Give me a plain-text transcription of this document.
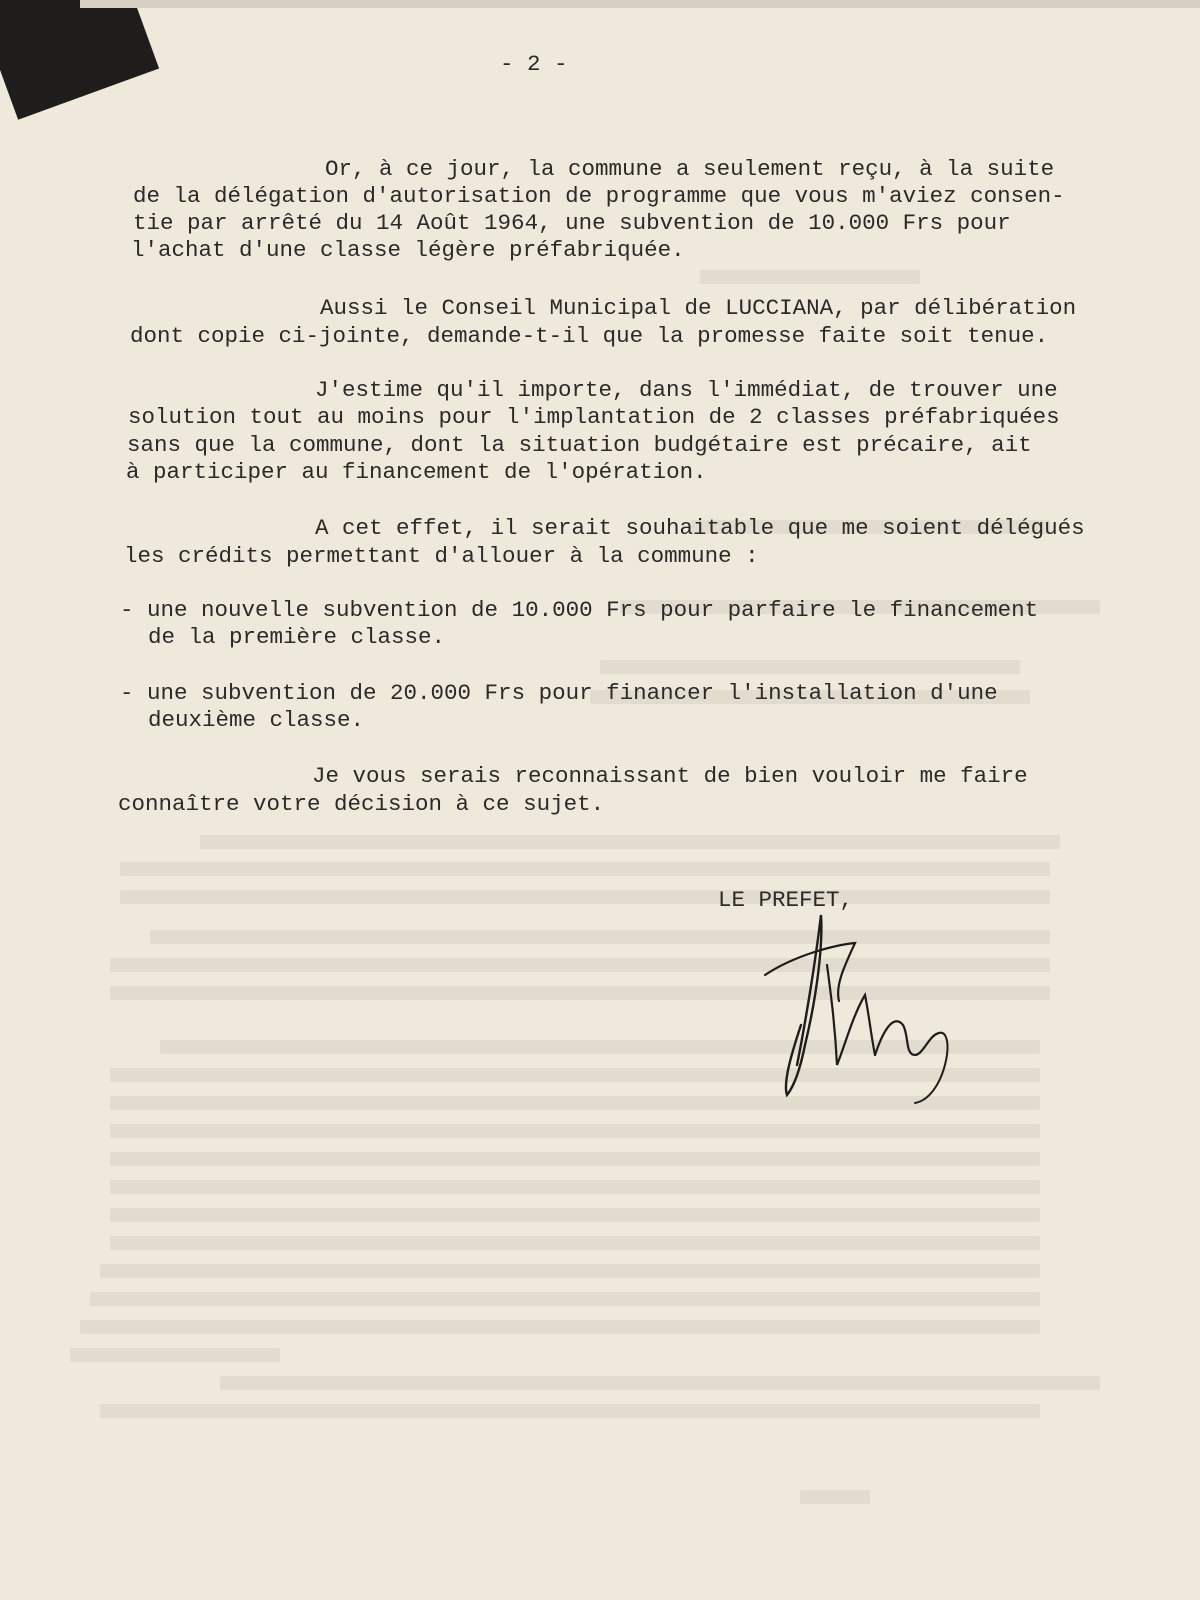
- 2 -
Or, à ce jour, la commune a seulement reçu, à la suite
de la délégation d'autorisation de programme que vous m'aviez consen-
tie par arrêté du 14 Août 1964, une subvention de 10.000 Frs pour
l'achat d'une classe légère préfabriquée.
Aussi le Conseil Municipal de LUCCIANA, par délibération
dont copie ci-jointe, demande-t-il que la promesse faite soit tenue.
J'estime qu'il importe, dans l'immédiat, de trouver une
solution tout au moins pour l'implantation de 2 classes préfabriquées
sans que la commune, dont la situation budgétaire est précaire, ait
à participer au financement de l'opération.
A cet effet, il serait souhaitable que me soient délégués
les crédits permettant d'allouer à la commune :
- une nouvelle subvention de 10.000 Frs pour parfaire le financement
de la première classe.
- une subvention de 20.000 Frs pour financer l'installation d'une
deuxième classe.
Je vous serais reconnaissant de bien vouloir me faire
connaître votre décision à ce sujet.
LE PREFET,
